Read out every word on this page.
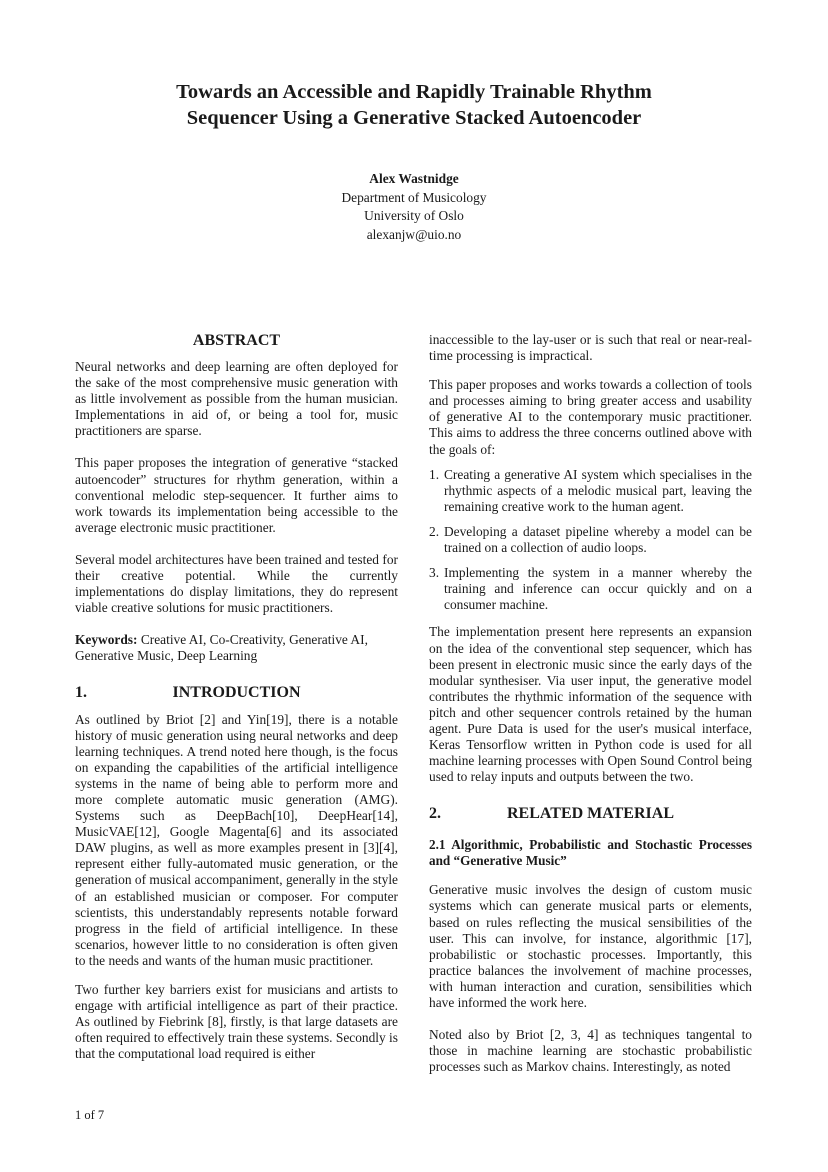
Towards an Accessible and Rapidly Trainable Rhythm
Sequencer Using a Generative Stacked Autoencoder
Alex Wastnidge
Department of Musicology
University of Oslo
alexanjw@uio.no
ABSTRACT

Neural networks and deep learning are often deployed for the sake of the most comprehensive music generation with as little involvement as possible from the human musician. Implementations in aid of, or being a tool for, music practitioners are sparse.

This paper proposes the integration of generative “stacked autoencoder” structures for rhythm generation, within a conventional melodic step-sequencer. It further aims to work towards its implementation being accessible to the average electronic music practitioner.

Several model architectures have been trained and tested for their creative potential. While the currently implementations do display limitations, they do represent viable creative solutions for music practitioners.

Keywords: Creative AI, Co-Creativity, Generative AI, Generative Music, Deep Learning

1.	INTRODUCTION

As outlined by Briot [2] and Yin[19], there is a notable history of music generation using neural networks and deep learning techniques. A trend noted here though, is the focus on expanding the capabilities of the artificial intelligence systems in the name of being able to perform more and more complete automatic music generation (AMG). Systems such as DeepBach[10], DeepHear[14], MusicVAE[12], Google Magenta[6] and its associated DAW plugins, as well as more examples present in [3][4], represent either fully-automated music generation, or the generation of musical accompaniment, generally in the style of an established musician or composer. For computer scientists, this understandably represents notable forward progress in the field of artificial intelligence. In these scenarios, however little to no consideration is often given to the needs and wants of the human music practitioner.

Two further key barriers exist for musicians and artists to engage with artificial intelligence as part of their practice. As outlined by Fiebrink [8], firstly, is that large datasets are often required to effectively train these systems. Secondly is that the computational load required is either

inaccessible to the lay-user or is such that real or near-real-time processing is impractical.

This paper proposes and works towards a collection of tools and processes aiming to bring greater access and usability of generative AI to the contemporary music practitioner. This aims to address the three concerns outlined above with the goals of:

1. Creating a generative AI system which specialises in the rhythmic aspects of a melodic musical part, leaving the remaining creative work to the human agent.
2. Developing a dataset pipeline whereby a model can be trained on a collection of audio loops.
3. Implementing the system in a manner whereby the training and inference can occur quickly and on a consumer machine.

The implementation present here represents an expansion on the idea of the conventional step sequencer, which has been present in electronic music since the early days of the modular synthesiser. Via user input, the generative model contributes the rhythmic information of the sequence with pitch and other sequencer controls retained by the human agent. Pure Data is used for the user's musical interface, Keras Tensorflow written in Python code is used for all machine learning processes with Open Sound Control being used to relay inputs and outputs between the two.

2.	RELATED MATERIAL
2.1 Algorithmic, Probabilistic and Stochastic Processes and “Generative Music”

Generative music involves the design of custom music systems which can generate musical parts or elements, based on rules reflecting the musical sensibilities of the user. This can involve, for instance, algorithmic [17], probabilistic or stochastic processes. Importantly, this practice balances the involvement of machine processes, with human interaction and curation, sensibilities which have informed the work here.

Noted also by Briot [2, 3, 4] as techniques tangental to those in machine learning are stochastic probabilistic processes such as Markov chains. Interestingly, as noted

1 of 7
